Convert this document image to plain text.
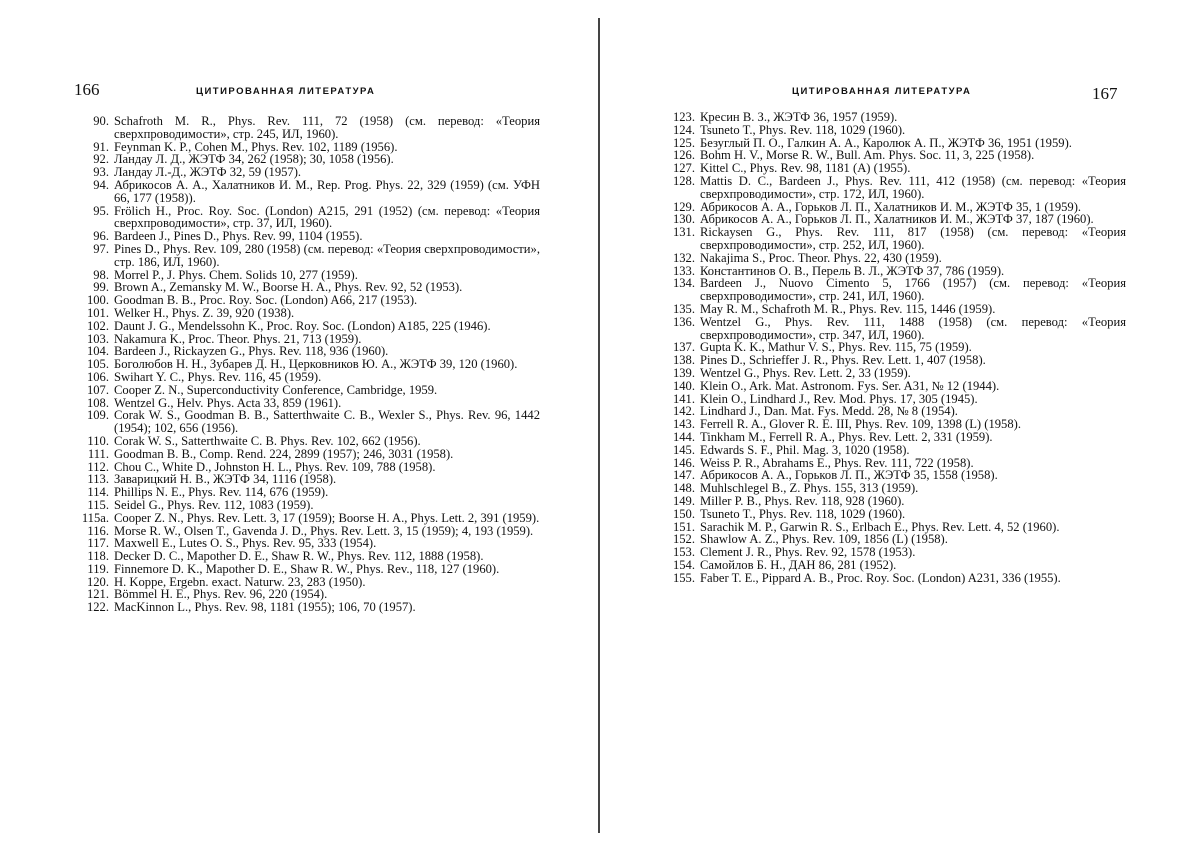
166	ЦИТИРОВАННАЯ ЛИТЕРАТУРА
90. Schafroth M. R., Phys. Rev. 111, 72 (1958) (см. перевод: «Теория сверхпроводимости», стр. 245, ИЛ, 1960).
91. Feynman K. P., Cohen M., Phys. Rev. 102, 1189 (1956).
92. Ландау Л. Д., ЖЭТФ 34, 262 (1958); 30, 1058 (1956).
93. Ландау Л.-Д., ЖЭТФ 32, 59 (1957).
94. Абрикосов А. А., Халатников И. М., Rep. Prog. Phys. 22, 329 (1959) (см. УФН 66, 177 (1958)).
95. Frölich H., Proc. Roy. Soc. (London) A215, 291 (1952) (см. перевод: «Теория сверхпроводимости», стр. 37, ИЛ, 1960).
96. Bardeen J., Pines D., Phys. Rev. 99, 1104 (1955).
97. Pines D., Phys. Rev. 109, 280 (1958) (см. перевод: «Теория сверхпроводимости», стр. 186, ИЛ, 1960).
98. Morrel P., J. Phys. Chem. Solids 10, 277 (1959).
99. Brown A., Zemansky M. W., Boorse H. A., Phys. Rev. 92, 52 (1953).
100. Goodman B. B., Proc. Roy. Soc. (London) A66, 217 (1953).
101. Welker H., Phys. Z. 39, 920 (1938).
102. Daunt J. G., Mendelssohn K., Proc. Roy. Soc. (London) A185, 225 (1946).
103. Nakamura K., Proc. Theor. Phys. 21, 713 (1959).
104. Bardeen J., Rickayzen G., Phys. Rev. 118, 936 (1960).
105. Боголюбов Н. Н., Зубарев Д. Н., Церковников Ю. А., ЖЭТФ 39, 120 (1960).
106. Swihart Y. C., Phys. Rev. 116, 45 (1959).
107. Cooper Z. N., Superconductivity Conference, Cambridge, 1959.
108. Wentzel G., Helv. Phys. Acta 33, 859 (1961).
109. Corak W. S., Goodman B. B., Satterthwaite C. B., Wexler S., Phys. Rev. 96, 1442 (1954); 102, 656 (1956).
110. Corak W. S., Satterthwaite C. B. Phys. Rev. 102, 662 (1956).
111. Goodman B. B., Comp. Rend. 224, 2899 (1957); 246, 3031 (1958).
112. Chou C., White D., Johnston H. L., Phys. Rev. 109, 788 (1958).
113. Заварицкий Н. В., ЖЭТФ 34, 1116 (1958).
114. Phillips N. E., Phys. Rev. 114, 676 (1959).
115. Seidel G., Phys. Rev. 112, 1083 (1959).
115a. Cooper Z. N., Phys. Rev. Lett. 3, 17 (1959); Boorse H. A., Phys. Lett. 2, 391 (1959).
116. Morse R. W., Olsen T., Gavenda J. D., Phys. Rev. Lett. 3, 15 (1959); 4, 193 (1959).
117. Maxwell E., Lutes O. S., Phys. Rev. 95, 333 (1954).
118. Decker D. C., Mapother D. E., Shaw R. W., Phys. Rev. 112, 1888 (1958).
119. Finnemore D. K., Mapother D. E., Shaw R. W., Phys. Rev., 118, 127 (1960).
120. H. Koppe, Ergebn. exact. Naturw. 23, 283 (1950).
121. Bömmel H. E., Phys. Rev. 96, 220 (1954).
122. MacKinnon L., Phys. Rev. 98, 1181 (1955); 106, 70 (1957).
ЦИТИРОВАННАЯ ЛИТЕРАТУРА	167
123. Кресин В. З., ЖЭТФ 36, 1957 (1959).
124. Tsuneto T., Phys. Rev. 118, 1029 (1960).
125. Безуглый П. О., Галкин А. А., Каролюк А. П., ЖЭТФ 36, 1951 (1959).
126. Bohm H. V., Morse R. W., Bull. Am. Phys. Soc. 11, 3, 225 (1958).
127. Kittel C., Phys. Rev. 98, 1181 (A) (1955).
128. Mattis D. C., Bardeen J., Phys. Rev. 111, 412 (1958) (см. перевод: «Теория сверхпроводимости», стр. 172, ИЛ, 1960).
129. Абрикосов А. А., Горьков Л. П., Халатников И. М., ЖЭТФ 35, 1 (1959).
130. Абрикосов А. А., Горьков Л. П., Халатников И. М., ЖЭТФ 37, 187 (1960).
131. Rickaysen G., Phys. Rev. 111, 817 (1958) (см. перевод: «Теория сверхпроводимости», стр. 252, ИЛ, 1960).
132. Nakajima S., Proc. Theor. Phys. 22, 430 (1959).
133. Константинов О. В., Перель В. Л., ЖЭТФ 37, 786 (1959).
134. Bardeen J., Nuovo Cimento 5, 1766 (1957) (см. перевод: «Теория сверхпроводимости», стр. 241, ИЛ, 1960).
135. May R. M., Schafroth M. R., Phys. Rev. 115, 1446 (1959).
136. Wentzel G., Phys. Rev. 111, 1488 (1958) (см. перевод: «Теория сверхпроводимости», стр. 347, ИЛ, 1960).
137. Gupta K. K., Mathur V. S., Phys. Rev. 115, 75 (1959).
138. Pines D., Schrieffer J. R., Phys. Rev. Lett. 1, 407 (1958).
139. Wentzel G., Phys. Rev. Lett. 2, 33 (1959).
140. Klein O., Ark. Mat. Astronom. Fys. Ser. A31, № 12 (1944).
141. Klein O., Lindhard J., Rev. Mod. Phys. 17, 305 (1945).
142. Lindhard J., Dan. Mat. Fys. Medd. 28, № 8 (1954).
143. Ferrell R. A., Glover R. E. III, Phys. Rev. 109, 1398 (L) (1958).
144. Tinkham M., Ferrell R. A., Phys. Rev. Lett. 2, 331 (1959).
145. Edwards S. F., Phil. Mag. 3, 1020 (1958).
146. Weiss P. R., Abrahams E., Phys. Rev. 111, 722 (1958).
147. Абрикосов А. А., Горьков Л. П., ЖЭТФ 35, 1558 (1958).
148. Muhlschlegel B., Z. Phys. 155, 313 (1959).
149. Miller P. B., Phys. Rev. 118, 928 (1960).
150. Tsuneto T., Phys. Rev. 118, 1029 (1960).
151. Sarachik M. P., Garwin R. S., Erlbach E., Phys. Rev. Lett. 4, 52 (1960).
152. Shawlow A. Z., Phys. Rev. 109, 1856 (L) (1958).
153. Clement J. R., Phys. Rev. 92, 1578 (1953).
154. Самойлов Б. Н., ДАН 86, 281 (1952).
155. Faber T. E., Pippard A. B., Proc. Roy. Soc. (London) A231, 336 (1955).
